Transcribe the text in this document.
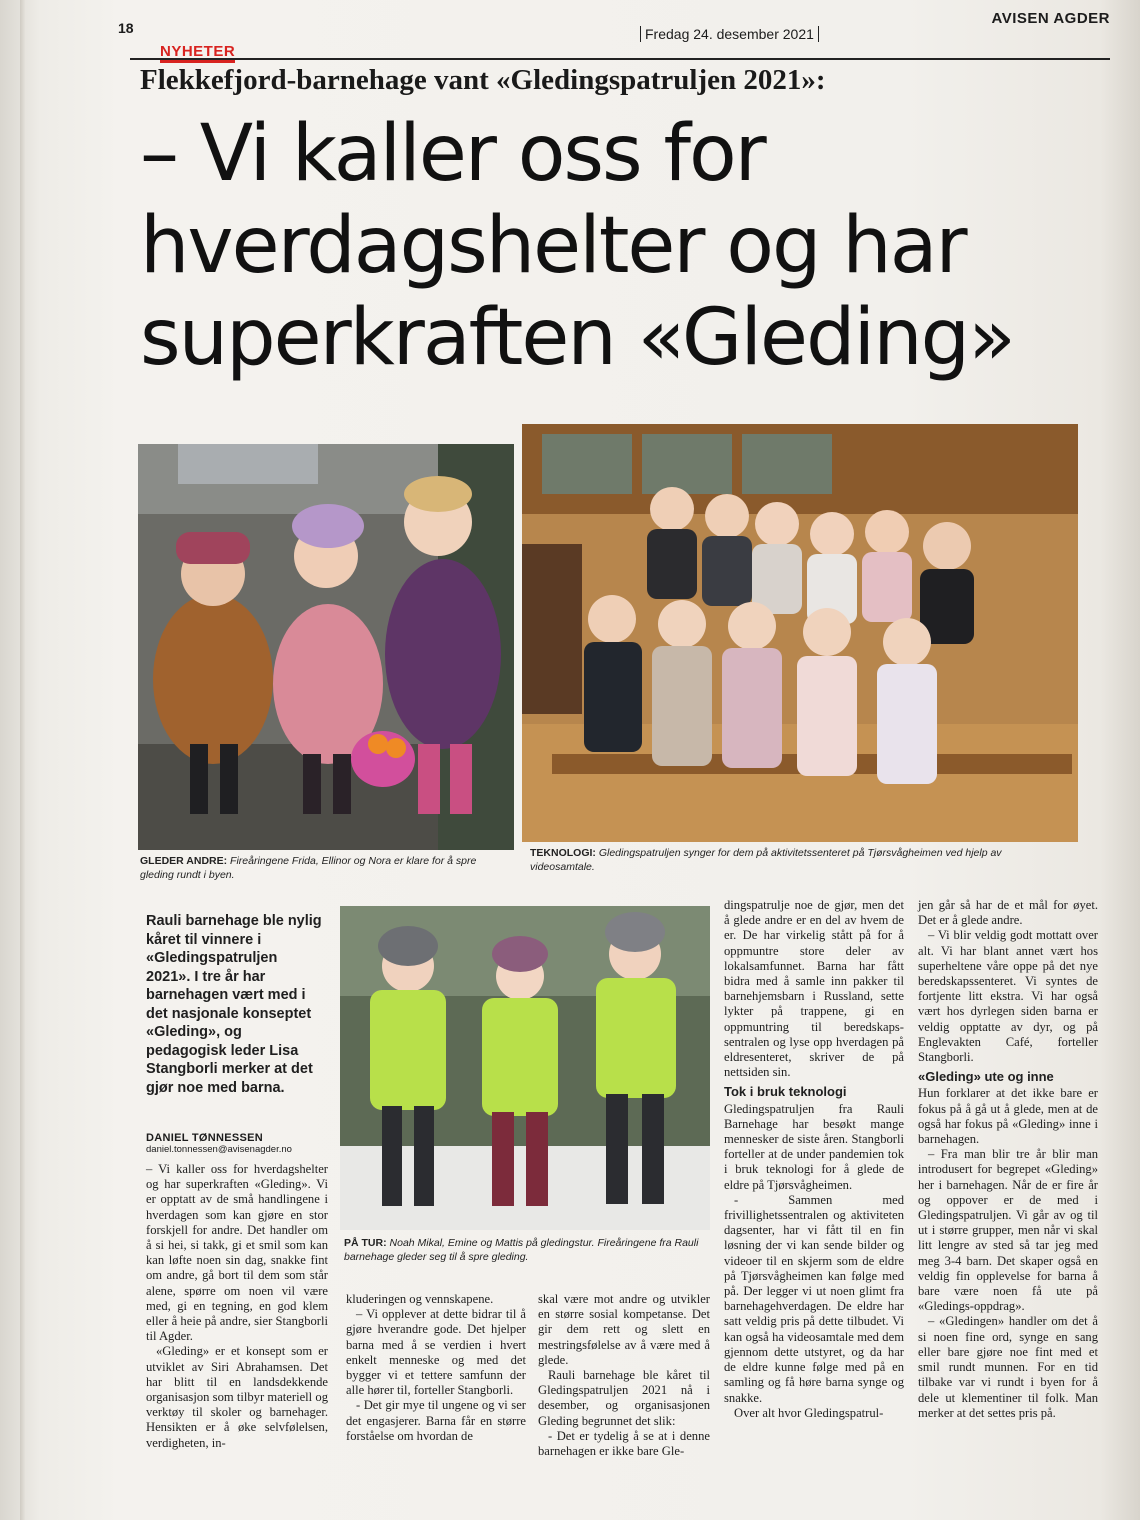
18
NYHETER
Fredag 24. desember 2021
AVISEN AGDER
Flekkefjord-barnehage vant «Gledingspatruljen 2021»:
– Vi kaller oss for hverdagshelter og har superkraften «Gleding»
GLEDER ANDRE: Fireåringene Frida, Ellinor og Nora er klare for å spre gleding rundt i byen.
TEKNOLOGI: Gledingspatruljen synger for dem på aktivitetssenteret på Tjørsvågheimen ved hjelp av videosamtale.
Rauli barnehage ble nylig kåret til vinnere i «Gledingspatruljen 2021». I tre år har barnehagen vært med i det nasjonale konseptet «Gleding», og pedagogisk leder Lisa Stangborli merker at det gjør noe med barna.
DANIEL TØNNESSEN
daniel.tonnessen@avisenagder.no
PÅ TUR: Noah Mikal, Emine og Mattis på gledingstur. Fireåringene fra Rauli barnehage gleder seg til å spre gleding.

– Vi kaller oss for hverdagshelter og har superkraften «Gleding». Vi er opptatt av de små handlingene i hverdagen som kan gjøre en stor forskjell for andre. Det handler om å si hei, si takk, gi et smil som kan kan løfte noen sin dag, snakke fint om andre, gå bort til dem som står alene, spørre om noen vil være med, gi en tegning, en god klem eller å heie på andre, sier Stangborli til Agder.

«Gleding» er et konsept som er utviklet av Siri Abrahamsen. Det har blitt til en landsdekkende organisasjon som tilbyr materiell og verktøy til skoler og barnehager. Hensikten er å øke selvfølelsen, verdigheten, in-

kluderingen og vennskapene.

– Vi opplever at dette bidrar til å gjøre hverandre gode. Det hjelper barna med å se verdien i hvert enkelt menneske og med det bygger vi et tettere samfunn der alle hører til, forteller Stangborli.

- Det gir mye til ungene og vi ser det engasjerer. Barna får en større forståelse om hvordan de

skal være mot andre og utvikler en større sosial kompetanse. Det gir dem rett og slett en mestringsfølelse av å være med å glede.

Rauli barnehage ble kåret til Gledingspatruljen 2021 nå i desember, og organisasjonen Gleding begrunnet det slik:

- Det er tydelig å se at i denne barnehagen er ikke bare Gle-

dingspatrulje noe de gjør, men det å glede andre er en del av hvem de er. De har virkelig stått på for å oppmuntre store deler av lokalsamfunnet. Barna har fått bidra med å samle inn pakker til barnehjemsbarn i Russland, sette lykter på trappene, gi en oppmuntring til beredskaps-sentralen og lyse opp hverdagen på eldresenteret, skriver de på nettsiden sin.

Tok i bruk teknologi

Gledingspatruljen fra Rauli Barnehage har besøkt mange mennesker de siste åren. Stangborli forteller at de under pandemien tok i bruk teknologi for å glede de eldre på Tjørsvågheimen.

- Sammen med frivillighetssentralen og aktiviteten dagsenter, har vi fått til en fin løsning der vi kan sende bilder og videoer til en skjerm som de eldre på Tjørsvågheimen kan følge med på. Der legger vi ut noen glimt fra barnehagehverdagen. De eldre har satt veldig pris på dette tilbudet. Vi kan også ha videosamtale med dem gjennom dette utstyret, og da har de eldre kunne følge med på en samling og få høre barna synge og snakke.

Over alt hvor Gledingspatrul-

jen går så har de et mål for øyet. Det er å glede andre.

– Vi blir veldig godt mottatt over alt. Vi har blant annet vært hos superheltene våre oppe på det nye beredskapssenteret. Vi syntes de fortjente litt ekstra. Vi har også vært hos dyrlegen siden barna er veldig opptatte av dyr, og på Englevakten Café, forteller Stangborli.

«Gleding» ute og inne

Hun forklarer at det ikke bare er fokus på å gå ut å glede, men at de også har fokus på «Gleding» inne i barnehagen.

– Fra man blir tre år blir man introdusert for begrepet «Gleding» her i barnehagen. Når de er fire år og oppover er de med i Gledingspatruljen. Vi går av og til ut i større grupper, men når vi skal litt lengre av sted så tar jeg med meg 3-4 barn. Det skaper også en veldig fin opplevelse for barna å bare være noen få ute på «Gledings-oppdrag».

– «Gledingen» handler om det å si noen fine ord, synge en sang eller bare gjøre noe fint med et smil rundt munnen. For en tid tilbake var vi rundt i byen for å dele ut klementiner til folk. Man merker at det settes pris på.
